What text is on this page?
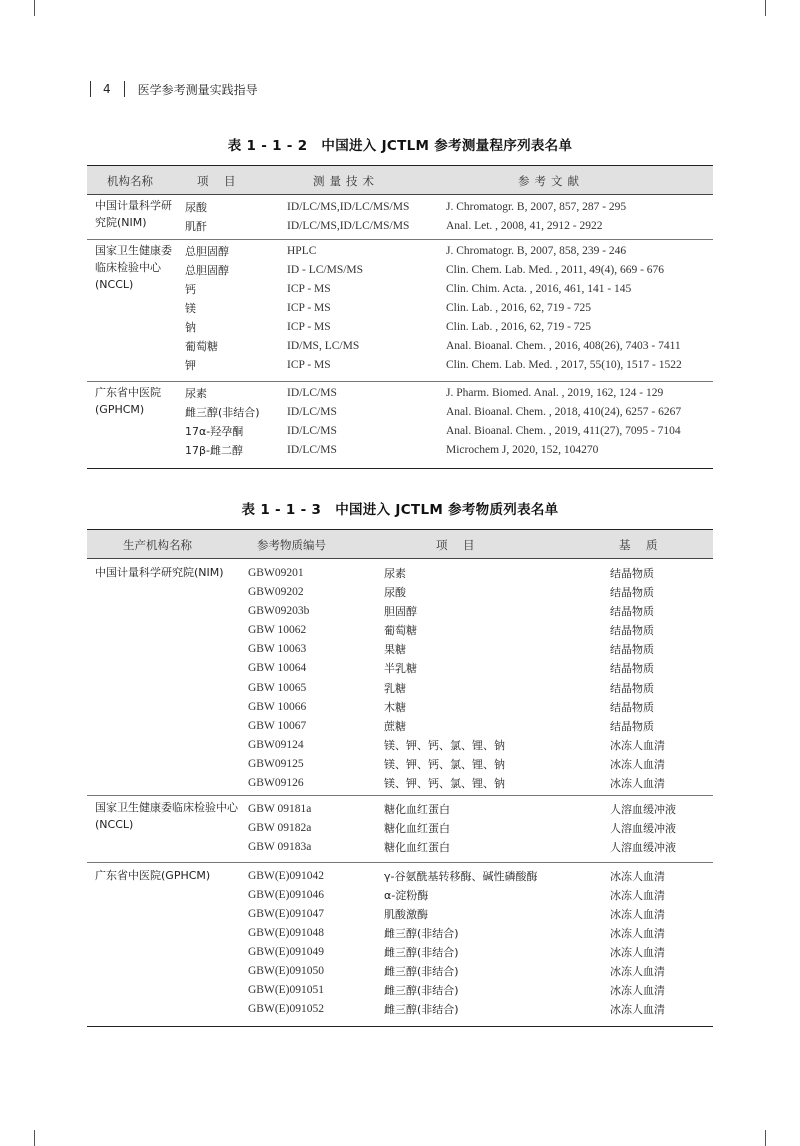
4	医学参考测量实践指导
表 1 - 1 - 2 中国进入 JCTLM 参考测量程序列表名单
机构名称	项　目	测量技术	参考文献
中国计量科学研究院(NIM)
尿酸	ID/LC/MS,ID/LC/MS/MS	J. Chromatogr. B, 2007, 857, 287 - 295
肌酐	ID/LC/MS,ID/LC/MS/MS	Anal. Let. , 2008, 41, 2912 - 2922
国家卫生健康委临床检验中心(NCCL)
总胆固醇	HPLC	J. Chromatogr. B, 2007, 858, 239 - 246
总胆固醇	ID - LC/MS/MS	Clin. Chem. Lab. Med. , 2011, 49(4), 669 - 676
钙	ICP - MS	Clin. Chim. Acta. , 2016, 461, 141 - 145
镁	ICP - MS	Clin. Lab. , 2016, 62, 719 - 725
钠	ICP - MS	Clin. Lab. , 2016, 62, 719 - 725
葡萄糖	ID/MS, LC/MS	Anal. Bioanal. Chem. , 2016, 408(26), 7403 - 7411
钾	ICP - MS	Clin. Chem. Lab. Med. , 2017, 55(10), 1517 - 1522
广东省中医院(GPHCM)
尿素	ID/LC/MS	J. Pharm. Biomed. Anal. , 2019, 162, 124 - 129
雌三醇(非结合) ID/LC/MS	Anal. Bioanal. Chem. , 2018, 410(24), 6257 - 6267
17α-羟孕酮	ID/LC/MS	Anal. Bioanal. Chem. , 2019, 411(27), 7095 - 7104
17β-雌二醇	ID/LC/MS	Microchem J, 2020, 152, 104270
表 1 - 1 - 3 中国进入 JCTLM 参考物质列表名单
生产机构名称	参考物质编号	项　目	基　质
中国计量科学研究院(NIM)	GBW09201	尿素	结晶物质
GBW09202	尿酸	结晶物质
GBW09203b	胆固醇	结晶物质
GBW 10062	葡萄糖	结晶物质
GBW 10063	果糖	结晶物质
GBW 10064	半乳糖	结晶物质
GBW 10065	乳糖	结晶物质
GBW 10066	木糖	结晶物质
GBW 10067	蔗糖	结晶物质
GBW09124	镁、钾、钙、氯、锂、钠	冰冻人血清
GBW09125	镁、钾、钙、氯、锂、钠	冰冻人血清
GBW09126	镁、钾、钙、氯、锂、钠	冰冻人血清
国家卫生健康委临床检验中心(NCCL)
GBW 09181a	糖化血红蛋白	人溶血缓冲液
GBW 09182a	糖化血红蛋白	人溶血缓冲液
GBW 09183a	糖化血红蛋白	人溶血缓冲液
广东省中医院(GPHCM)	GBW(E)091042	γ-谷氨酰基转移酶、碱性磷酸酶	冰冻人血清
GBW(E)091046	α-淀粉酶	冰冻人血清
GBW(E)091047	肌酸激酶	冰冻人血清
GBW(E)091048	雌三醇(非结合)	冰冻人血清
GBW(E)091049	雌三醇(非结合)	冰冻人血清
GBW(E)091050	雌三醇(非结合)	冰冻人血清
GBW(E)091051	雌三醇(非结合)	冰冻人血清
GBW(E)091052	雌三醇(非结合)	冰冻人血清
